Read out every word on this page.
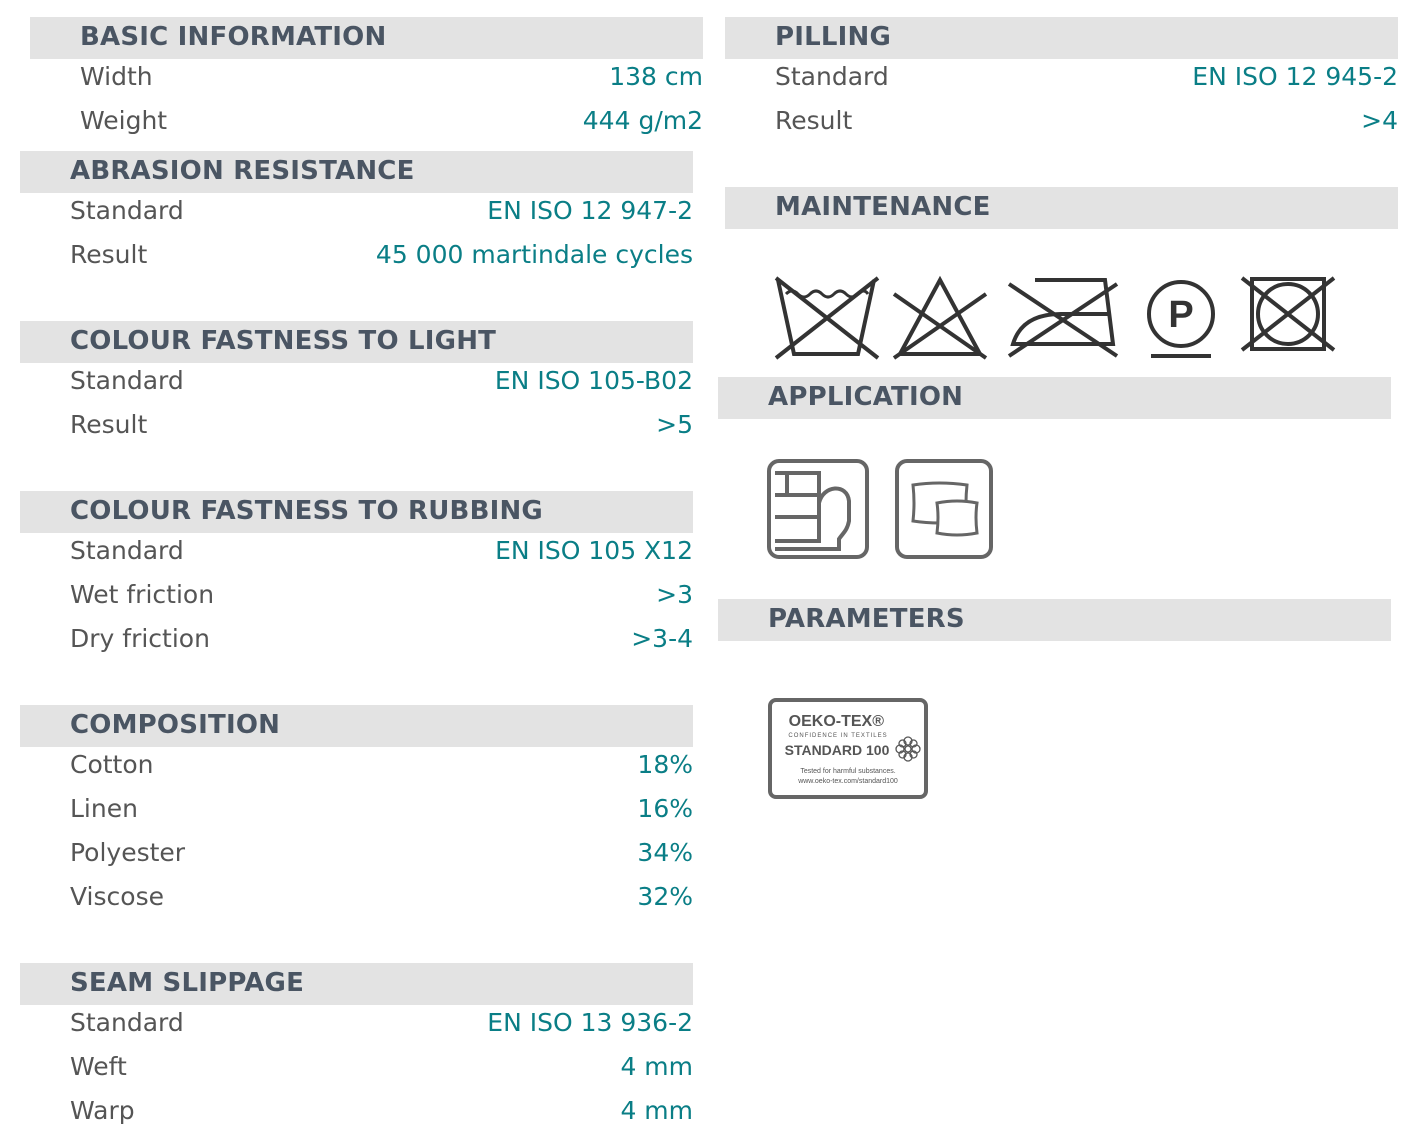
BASIC INFORMATION
Width	138 cm
Weight	444 g/m2
ABRASION RESISTANCE
Standard	EN ISO 12 947-2
Result	45 000 martindale cycles
COLOUR FASTNESS TO LIGHT
Standard	EN ISO 105-B02
Result	>5
COLOUR FASTNESS TO RUBBING
Standard	EN ISO 105 X12
Wet friction	>3
Dry friction	>3-4
COMPOSITION
Cotton	18%
Linen	16%
Polyester	34%
Viscose	32%
SEAM SLIPPAGE
Standard	EN ISO 13 936-2
Weft	4 mm
Warp	4 mm
PILLING
Standard	EN ISO 12 945-2
Result	>4
MAINTENANCE
P
APPLICATION
PARAMETERS
OEKO-TEX®
CONFIDENCE IN TEXTILES
STANDARD 100
Tested for harmful substances.
www.oeko-tex.com/standard100
